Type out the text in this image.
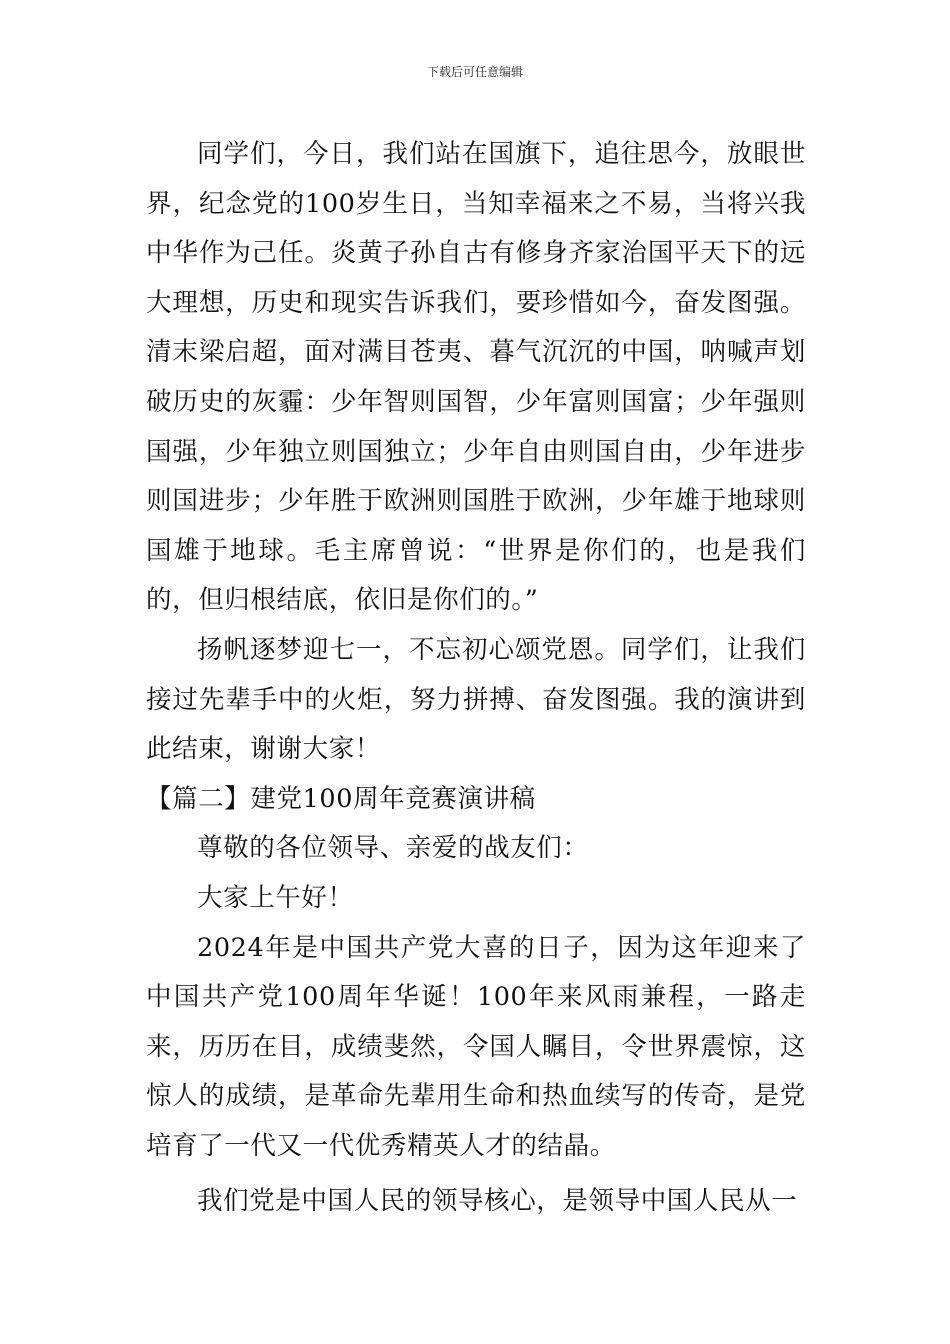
下载后可任意编辑

同学们，今日，我们站在国旗下，追往思今，放眼世界，纪念党的100岁生日，当知幸福来之不易，当将兴我中华作为己任。炎黄子孙自古有修身齐家治国平天下的远大理想，历史和现实告诉我们，要珍惜如今，奋发图强。清末梁启超，面对满目苍夷、暮气沉沉的中国，呐喊声划破历史的灰霾：少年智则国智，少年富则国富；少年强则国强，少年独立则国独立；少年自由则国自由，少年进步则国进步；少年胜于欧洲则国胜于欧洲，少年雄于地球则国雄于地球。毛主席曾说：“世界是你们的，也是我们的，但归根结底，依旧是你们的。”

扬帆逐梦迎七一，不忘初心颂党恩。同学们，让我们接过先辈手中的火炬，努力拼搏、奋发图强。我的演讲到此结束，谢谢大家！

【篇二】建党100周年竞赛演讲稿

尊敬的各位领导、亲爱的战友们：

大家上午好！

2024年是中国共产党大喜的日子，因为这年迎来了中国共产党100周年华诞！100年来风雨兼程，一路走来，历历在目，成绩斐然，令国人瞩目，令世界震惊，这惊人的成绩，是革命先辈用生命和热血续写的传奇，是党培育了一代又一代优秀精英人才的结晶。

我们党是中国人民的领导核心，是领导中国人民从一
